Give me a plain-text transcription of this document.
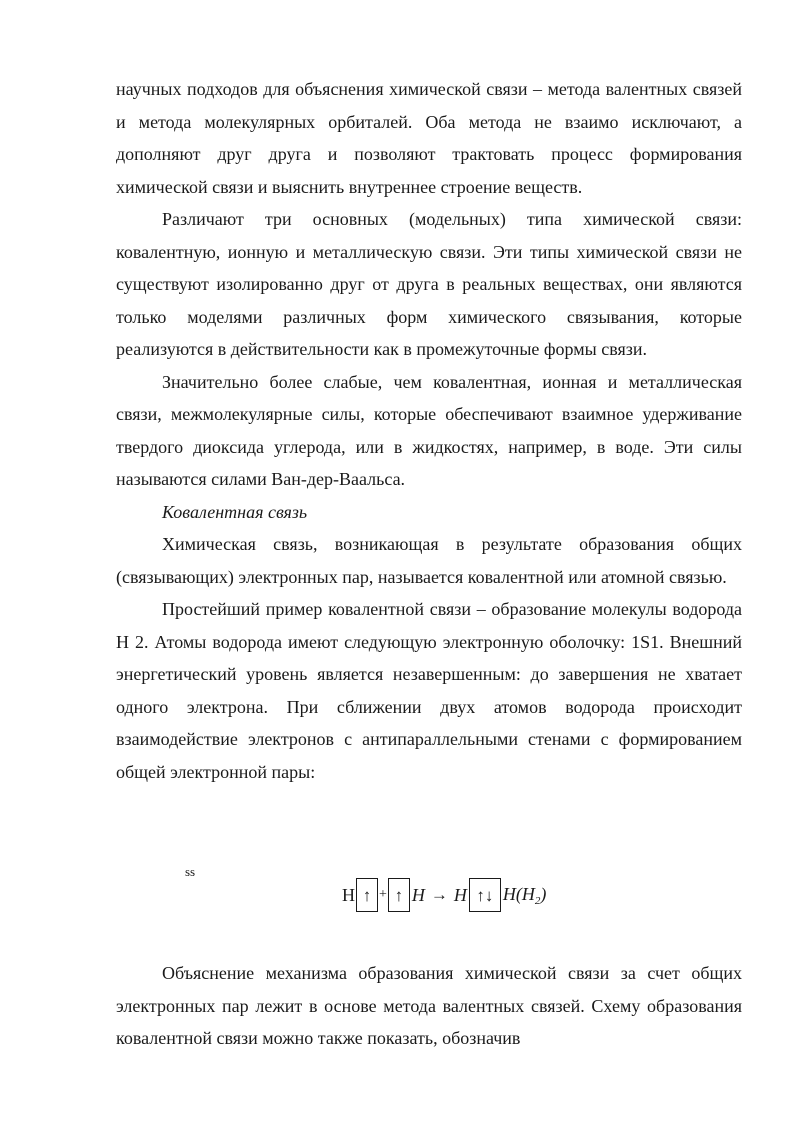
научных подходов для объяснения химической связи – метода валентных связей и метода молекулярных орбиталей. Оба метода не взаимо исключают, а дополняют друг друга и позволяют трактовать процесс формирования химической связи и выяснить внутреннее строение веществ.

Различают три основных (модельных) типа химической связи: ковалентную, ионную и металлическую связи. Эти типы химической связи не существуют изолированно друг от друга в реальных веществах, они являются только моделями различных форм химического связывания, которые реализуются в действительности как в промежуточные формы связи.

Значительно более слабые, чем ковалентная, ионная и металлическая связи, межмолекулярные силы, которые обеспечивают взаимное удерживание твердого диоксида углерода, или в жидкостях, например, в воде. Эти силы называются силами Ван-дер-Ваальса.

Ковалентная связь

Химическая связь, возникающая в результате образования общих (связывающих) электронных пар, называется ковалентной или атомной связью.

Простейший пример ковалентной связи – образование молекулы водорода Н 2. Атомы водорода имеют следующую электронную оболочку: 1S1. Внешний энергетический уровень является незавершенным: до завершения не хватает одного электрона. При сближении двух атомов водорода происходит взаимодействие электронов с антипараллельными стенами с формированием общей электронной пары:

ss
H ↑ + ↑ H → H ↑↓ $H(H_2)$

Объяснение механизма образования химической связи за счет общих электронных пар лежит в основе метода валентных связей. Схему образования ковалентной связи можно также показать, обозначив
